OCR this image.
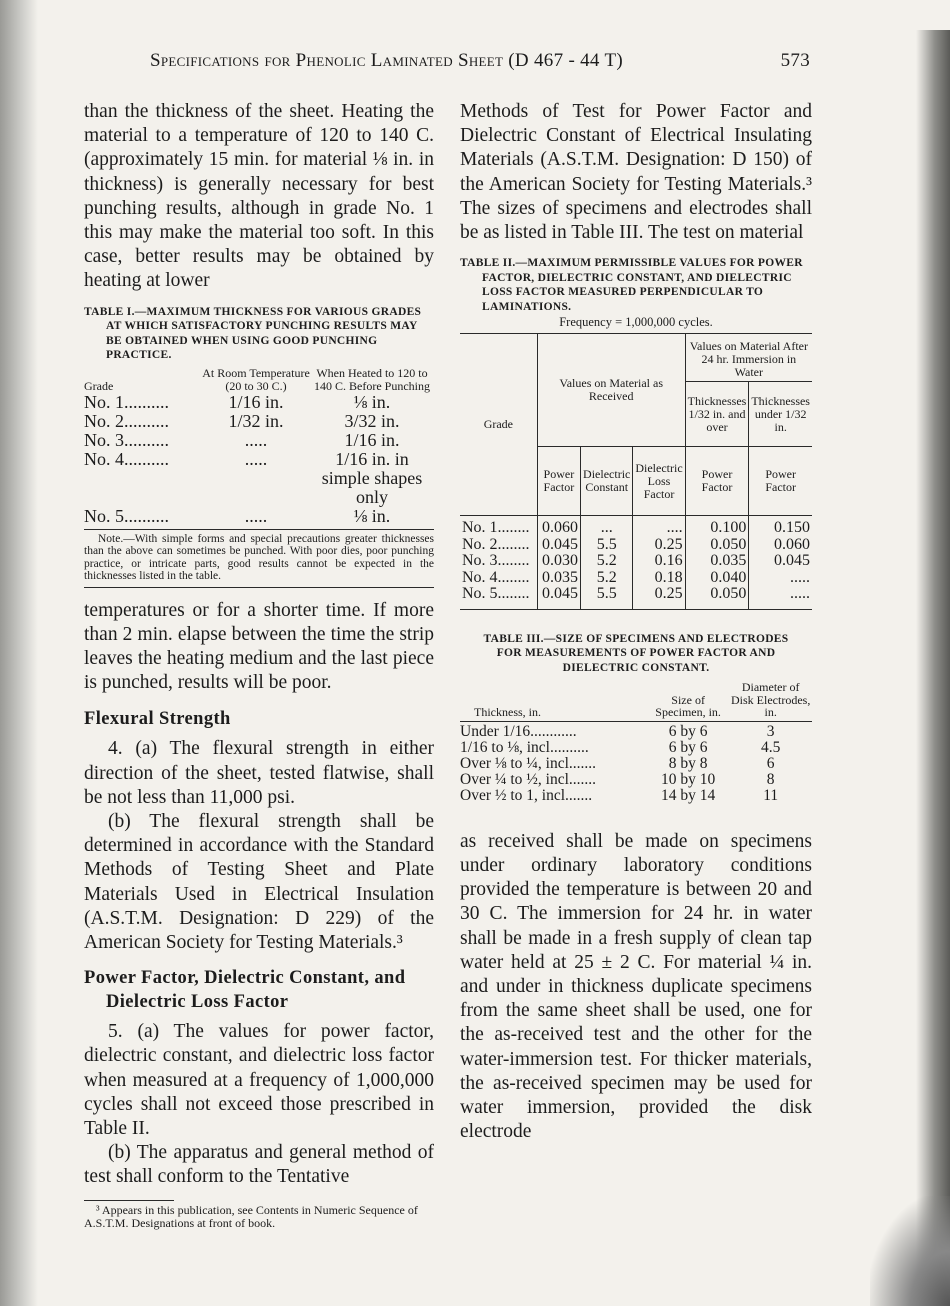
Specifications for Phenolic Laminated Sheet (D 467 - 44 T)	573

than the thickness of the sheet. Heating the material to a temperature of 120 to 140 C. (approximately 15 min. for material ⅛ in. in thickness) is generally necessary for best punching results, although in grade No. 1 this may make the material too soft. In this case, better results may be obtained by heating at lower

TABLE I.—MAXIMUM THICKNESS FOR VARIOUS GRADES AT WHICH SATISFACTORY PUNCHING RESULTS MAY BE OBTAINED WHEN USING GOOD PUNCHING PRACTICE.

Grade	At Room Temperature (20 to 30 C.)	When Heated to 120 to 140 C. Before Punching
No. 1..........	1/16 in.	⅛ in.
No. 2..........	1/32 in.	3/32 in.
No. 3..........	.....	1/16 in.
No. 4..........	.....	1/16 in. in simple shapes only
No. 5..........	.....	⅛ in.

Note.—With simple forms and special precautions greater thicknesses than the above can sometimes be punched. With poor dies, poor punching practice, or intricate parts, good results cannot be expected in the thicknesses listed in the table.

temperatures or for a shorter time. If more than 2 min. elapse between the time the strip leaves the heating medium and the last piece is punched, results will be poor.

Flexural Strength

4. (a) The flexural strength in either direction of the sheet, tested flatwise, shall be not less than 11,000 psi.

(b) The flexural strength shall be determined in accordance with the Standard Methods of Testing Sheet and Plate Materials Used in Electrical Insulation (A.S.T.M. Designation: D 229) of the American Society for Testing Materials.³

Power Factor, Dielectric Constant, and Dielectric Loss Factor

5. (a) The values for power factor, dielectric constant, and dielectric loss factor when measured at a frequency of 1,000,000 cycles shall not exceed those prescribed in Table II.

(b) The apparatus and general method of test shall conform to the Tentative

³ Appears in this publication, see Contents in Numeric Sequence of A.S.T.M. Designations at front of book.

Methods of Test for Power Factor and Dielectric Constant of Electrical Insulating Materials (A.S.T.M. Designation: D 150) of the American Society for Testing Materials.³ The sizes of specimens and electrodes shall be as listed in Table III. The test on material

TABLE II.—MAXIMUM PERMISSIBLE VALUES FOR POWER FACTOR, DIELECTRIC CONSTANT, AND DIELECTRIC LOSS FACTOR MEASURED PERPENDICULAR TO LAMINATIONS.

Frequency = 1,000,000 cycles.

Grade	Values on Material as Received			Values on Material After 24 hr. Immersion in Water	
				Thicknesses 1/32 in. and over	Thicknesses under 1/32 in.
	Power Factor	Dielectric Constant	Dielectric Loss Factor	Power Factor	Power Factor
No. 1........	0.060	...	....	0.100	0.150
No. 2........	0.045	5.5	0.25	0.050	0.060
No. 3........	0.030	5.2	0.16	0.035	0.045
No. 4........	0.035	5.2	0.18	0.040	.....
No. 5........	0.045	5.5	0.25	0.050	.....

TABLE III.—SIZE OF SPECIMENS AND ELECTRODES FOR MEASUREMENTS OF POWER FACTOR AND DIELECTRIC CONSTANT.

Thickness, in.	Size of Specimen, in.	Diameter of Disk Electrodes, in.

Under 1/16............	6 by 6	3
1/16 to ⅛, incl..........	6 by 6	4.5
Over ⅛ to ¼, incl.......	8 by 8	6
Over ¼ to ½, incl.......	10 by 10	8
Over ½ to 1, incl.......	14 by 14	11

as received shall be made on specimens under ordinary laboratory conditions provided the temperature is between 20 and 30 C. The immersion for 24 hr. in water shall be made in a fresh supply of clean tap water held at 25 ± 2 C. For material ¼ in. and under in thickness duplicate specimens from the same sheet shall be used, one for the as-received test and the other for the water-immersion test. For thicker materials, the as-received specimen may be used for water immersion, provided the disk electrode
